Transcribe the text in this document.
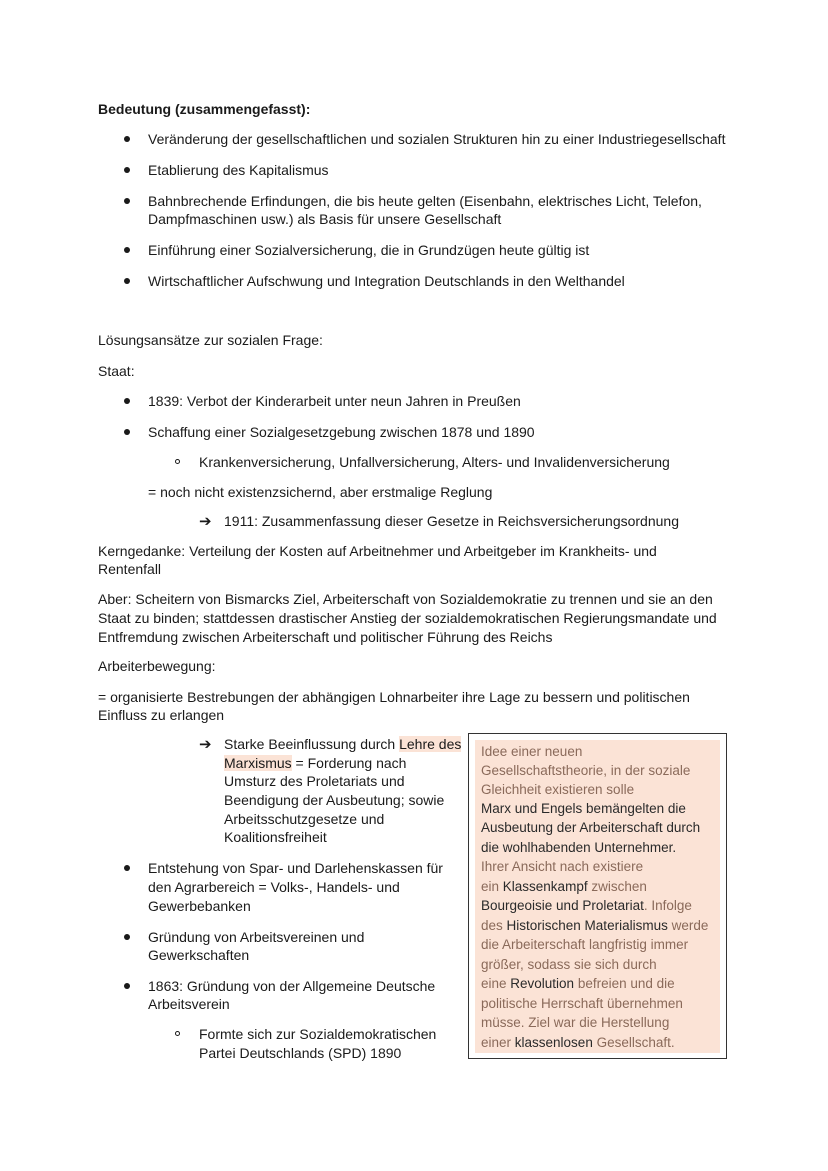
Bedeutung (zusammengefasst):
Veränderung der gesellschaftlichen und sozialen Strukturen hin zu einer Industriegesellschaft
Etablierung des Kapitalismus
Bahnbrechende Erfindungen, die bis heute gelten (Eisenbahn, elektrisches Licht, Telefon,
Dampfmaschinen usw.) als Basis für unsere Gesellschaft
Einführung einer Sozialversicherung, die in Grundzügen heute gültig ist
Wirtschaftlicher Aufschwung und Integration Deutschlands in den Welthandel
Lösungsansätze zur sozialen Frage:
Staat:
1839: Verbot der Kinderarbeit unter neun Jahren in Preußen
Schaffung einer Sozialgesetzgebung zwischen 1878 und 1890
Krankenversicherung, Unfallversicherung, Alters- und Invalidenversicherung
= noch nicht existenzsichernd, aber erstmalige Reglung
➔ 1911: Zusammenfassung dieser Gesetze in Reichsversicherungsordnung
Kerngedanke: Verteilung der Kosten auf Arbeitnehmer und Arbeitgeber im Krankheits- und
Rentenfall
Aber: Scheitern von Bismarcks Ziel, Arbeiterschaft von Sozialdemokratie zu trennen und sie an den
Staat zu binden; stattdessen drastischer Anstieg der sozialdemokratischen Regierungsmandate und
Entfremdung zwischen Arbeiterschaft und politischer Führung des Reichs
Arbeiterbewegung:
= organisierte Bestrebungen der abhängigen Lohnarbeiter ihre Lage zu bessern und politischen
Einfluss zu erlangen
➔ Starke Beeinflussung durch Lehre des
Marxismus = Forderung nach
Umsturz des Proletariats und
Beendigung der Ausbeutung; sowie
Arbeitsschutzgesetze und
Koalitionsfreiheit
Entstehung von Spar- und Darlehenskassen für
den Agrarbereich = Volks-, Handels- und
Gewerbebanken
Gründung von Arbeitsvereinen und
Gewerkschaften
1863: Gründung von der Allgemeine Deutsche
Arbeitsverein
Formte sich zur Sozialdemokratischen
Partei Deutschlands (SPD) 1890
Idee einer neuen
Gesellschaftstheorie, in der soziale
Gleichheit existieren solle
Marx und Engels bemängelten die
Ausbeutung der Arbeiterschaft durch
die wohlhabenden Unternehmer.
Ihrer Ansicht nach existiere
ein Klassenkampf zwischen
Bourgeoisie und Proletariat. Infolge
des Historischen Materialismus werde
die Arbeiterschaft langfristig immer
größer, sodass sie sich durch
eine Revolution befreien und die
politische Herrschaft übernehmen
müsse. Ziel war die Herstellung
einer klassenlosen Gesellschaft.
